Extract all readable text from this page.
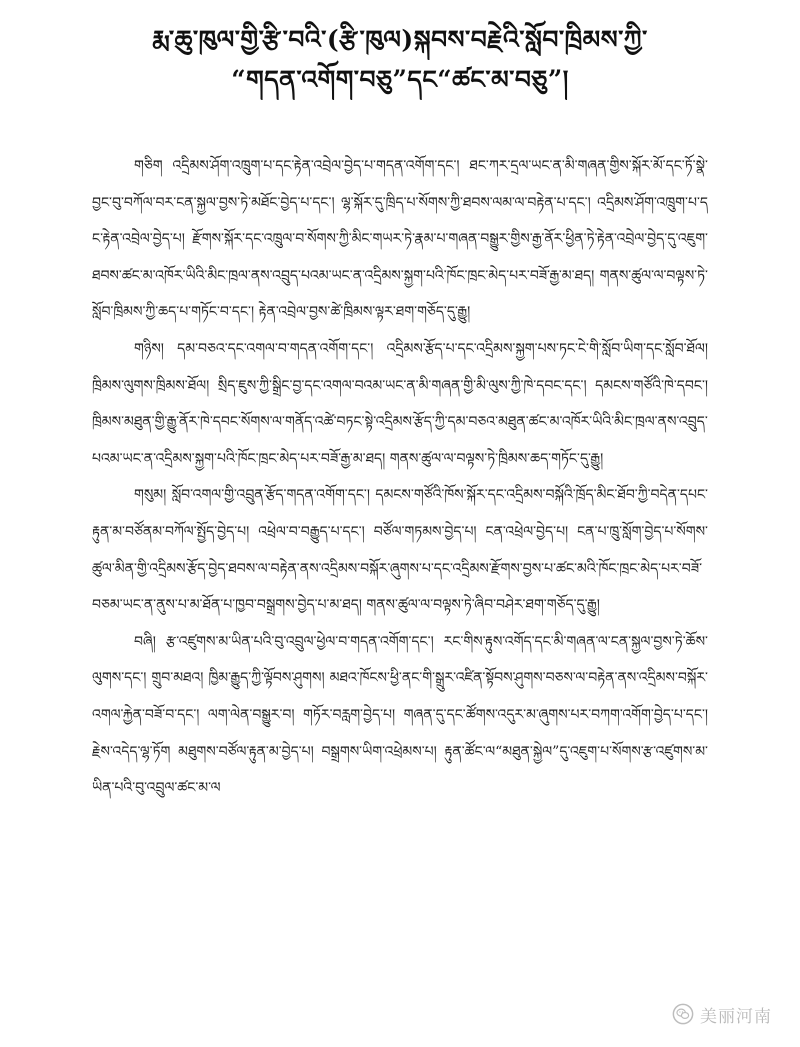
རྨ་ཆུ་ཁུལ་གྱི་རྩི་བའི་(རྩི་ཁུལ)སྐབས་བརྗེའི་སློབ་ཁྲིམས་ཀྱི་
“གདན་འགོག་བཅུ”དང“ཚང་མ་བཅུ”།

གཅིག འདྲིམས་ཤོག་འཁྲུག་པ་དང་རྟེན་འབྲེལ་བྱེད་པ་གདན་འགོག་དང་། ཐང་ཀར་དྲལ་ཡང་ན་མི་གཞན་གྱིས་སྐོར་མོ་དང་ཏོ་སྣེ་བྱང་བུ་བཀོལ་བར་ངན་སྐྱལ་བྱས་ཏེ་མཐོང་བྱེད་པ་དང་། ལྷ་སྐོར་དུ་ཁྲིད་པ་སོགས་ཀྱི་ཐབས་ལམ་ལ་བརྟེན་པ་དང་། འདྲིམས་ཤོག་འཁྲུག་པ་དང་རྟེན་འབྲེལ་བྱེད་པ། རྫོགས་སྐོར་དང་འཁྲུལ་བ་སོགས་ཀྱི་མིང་གཡར་ཏེ་རྣམ་པ་གཞན་བསྒྱུར་གྱིས་རྒྱ་ནོར་ཕྱིན་ཏེ་རྟེན་འབྲེལ་བྱེད་དུ་འཇུག་ཐབས་ཚང་མ་འཁོར་ཡིའི་མིང་ཁྲལ་ནས་འབྲུད་པའམ་ཡང་ན་འདྲིམས་སྐྱག་པའི་ཁོང་ཁྲང་མེད་པར་བཟོ་རྒྱ་མ་ཐད། གནས་ཚུལ་ལ་བལྟས་ཏེ་སློབ་ཁྲིམས་ཀྱི་ཆད་པ་གཏོང་བ་དང་། རྟེན་འབྲེལ་བྱས་ཚེ་ཁྲིམས་ལྟར་ཐག་གཅོད་དུ་རྒྱུ།

གཉིས། དམ་བཅའ་དང་འགལ་བ་གདན་འགོག་དང་། འདྲིམས་རྩོད་པ་དང་འདྲིམས་སྐྱག་པས་ཏང་ངེ་གི་སློབ་ཡིག་དང་སློབ་ཐོལ། ཁྲིམས་ལུགས་ཁྲིམས་ཐོལ། སྲིད་ཇུས་ཀྱི་སྒྲིང་བྱ་དང་འགལ་བའམ་ཡང་ན་མི་གཞན་གྱི་མི་ལུས་ཀྱི་ཁེ་དབང་དང་། དམངས་གཙོའི་ཁེ་དབང་། ཁྲིམས་མཐུན་གྱི་རྒྱུ་ནོར་ཁེ་དབང་སོགས་ལ་གནོད་འཚེ་བཏང་སྟེ་འདྲིམས་རྩོད་ཀྱི་དམ་བཅའ་མཐུན་ཚང་མ་འཁོར་ཡིའི་མིང་ཁྲལ་ནས་འབྲུད་པའམ་ཡང་ན་འདྲིམས་སྐྱག་པའི་ཁོང་ཁྲང་མེད་པར་བཟོ་རྒྱ་མ་ཐད། གནས་ཚུལ་ལ་བལྟས་ཏེ་ཁྲིམས་ཆད་གཏོང་དུ་རྒྱུ།

གསུམ། སློབ་འགལ་གྱི་འབྲུན་རྩོད་གདན་འགོག་དང་། དམངས་གཙོའི་ཁོས་སྐོར་དང་འདྲིམས་བསྐོའི་ཁྲོད་མིང་ཐོབ་ཀྱི་བདེན་དཔང་རྟུན་མ་བཙོནམ་བཀོལ་སྤྱོད་བྱེད་པ། འཕྲེལ་བ་བརྒྱུད་པ་དང་། བཙོལ་གཏམས་བྱེད་པ། ངན་འཕྲེལ་བྱེད་པ། ངན་པ་ཁྲུ་སློག་བྱེད་པ་སོགས་ཚུལ་མིན་གྱི་འདྲིམས་རྩོད་བྱེད་ཐབས་ལ་བརྟེན་ནས་འདྲིམས་བསྐོར་ཞུགས་པ་དང་འདྲིམས་རྫོགས་བྱས་པ་ཚང་མའི་ཁོང་ཁྲང་མེད་པར་བཟོ་བཅམ་ཡང་ན་ནུས་པ་མ་ཐོན་པ་ཁྱབ་བསྒྲགས་བྱེད་པ་མ་ཐད། གནས་ཚུལ་ལ་བལྟས་ཏེ་ཞིབ་བཤེར་ཐག་གཅོད་དུ་རྒྱུ།

བཞི། རྩ་འཛུགས་མ་ཡིན་པའི་བུ་འབྲུལ་ཕྱེལ་བ་གདན་འགོག་དང་། རང་གིས་རྟུས་འགོད་དང་མི་གཞན་ལ་ངན་སྐྱལ་བྱས་ཏེ་ཆོས་ལུགས་དང་། གྲུབ་མཐའ། ཁྱིམ་རྒྱུད་ཀྱི་ལྟོབས་ཤུགས། མཐའ་ཁོངས་ཕྱི་ནང་གི་སྒྲུར་འཛིན་སྟོབས་ཤུགས་བཅས་ལ་བརྟེན་ནས་འདྲིམས་བསྐོར་འགལ་རྐྱེན་བཟོ་བ་དང་། ལག་ལེན་བསྒྱུར་བ། གཏོར་བརླག་བྱེད་པ། གཞན་དུ་དང་ཚོགས་འདུར་མ་ཞུགས་པར་བཀག་འགོག་བྱེད་པ་དང་། རྗེས་འདེད་ལྷ་ཏོག མཐུགས་བཙོལ་རྟུན་མ་བྱེད་པ། བསྒྲགས་ཡིག་འཕྲེམས་པ། རྟུན་ཚོང་ལ“མཐུན་སྐྱེལ”དུ་འཇུག་པ་སོགས་རྩ་འཛུགས་མ་ཡིན་པའི་བུ་འབྲུལ་ཚང་མ་ལ

美丽河南
